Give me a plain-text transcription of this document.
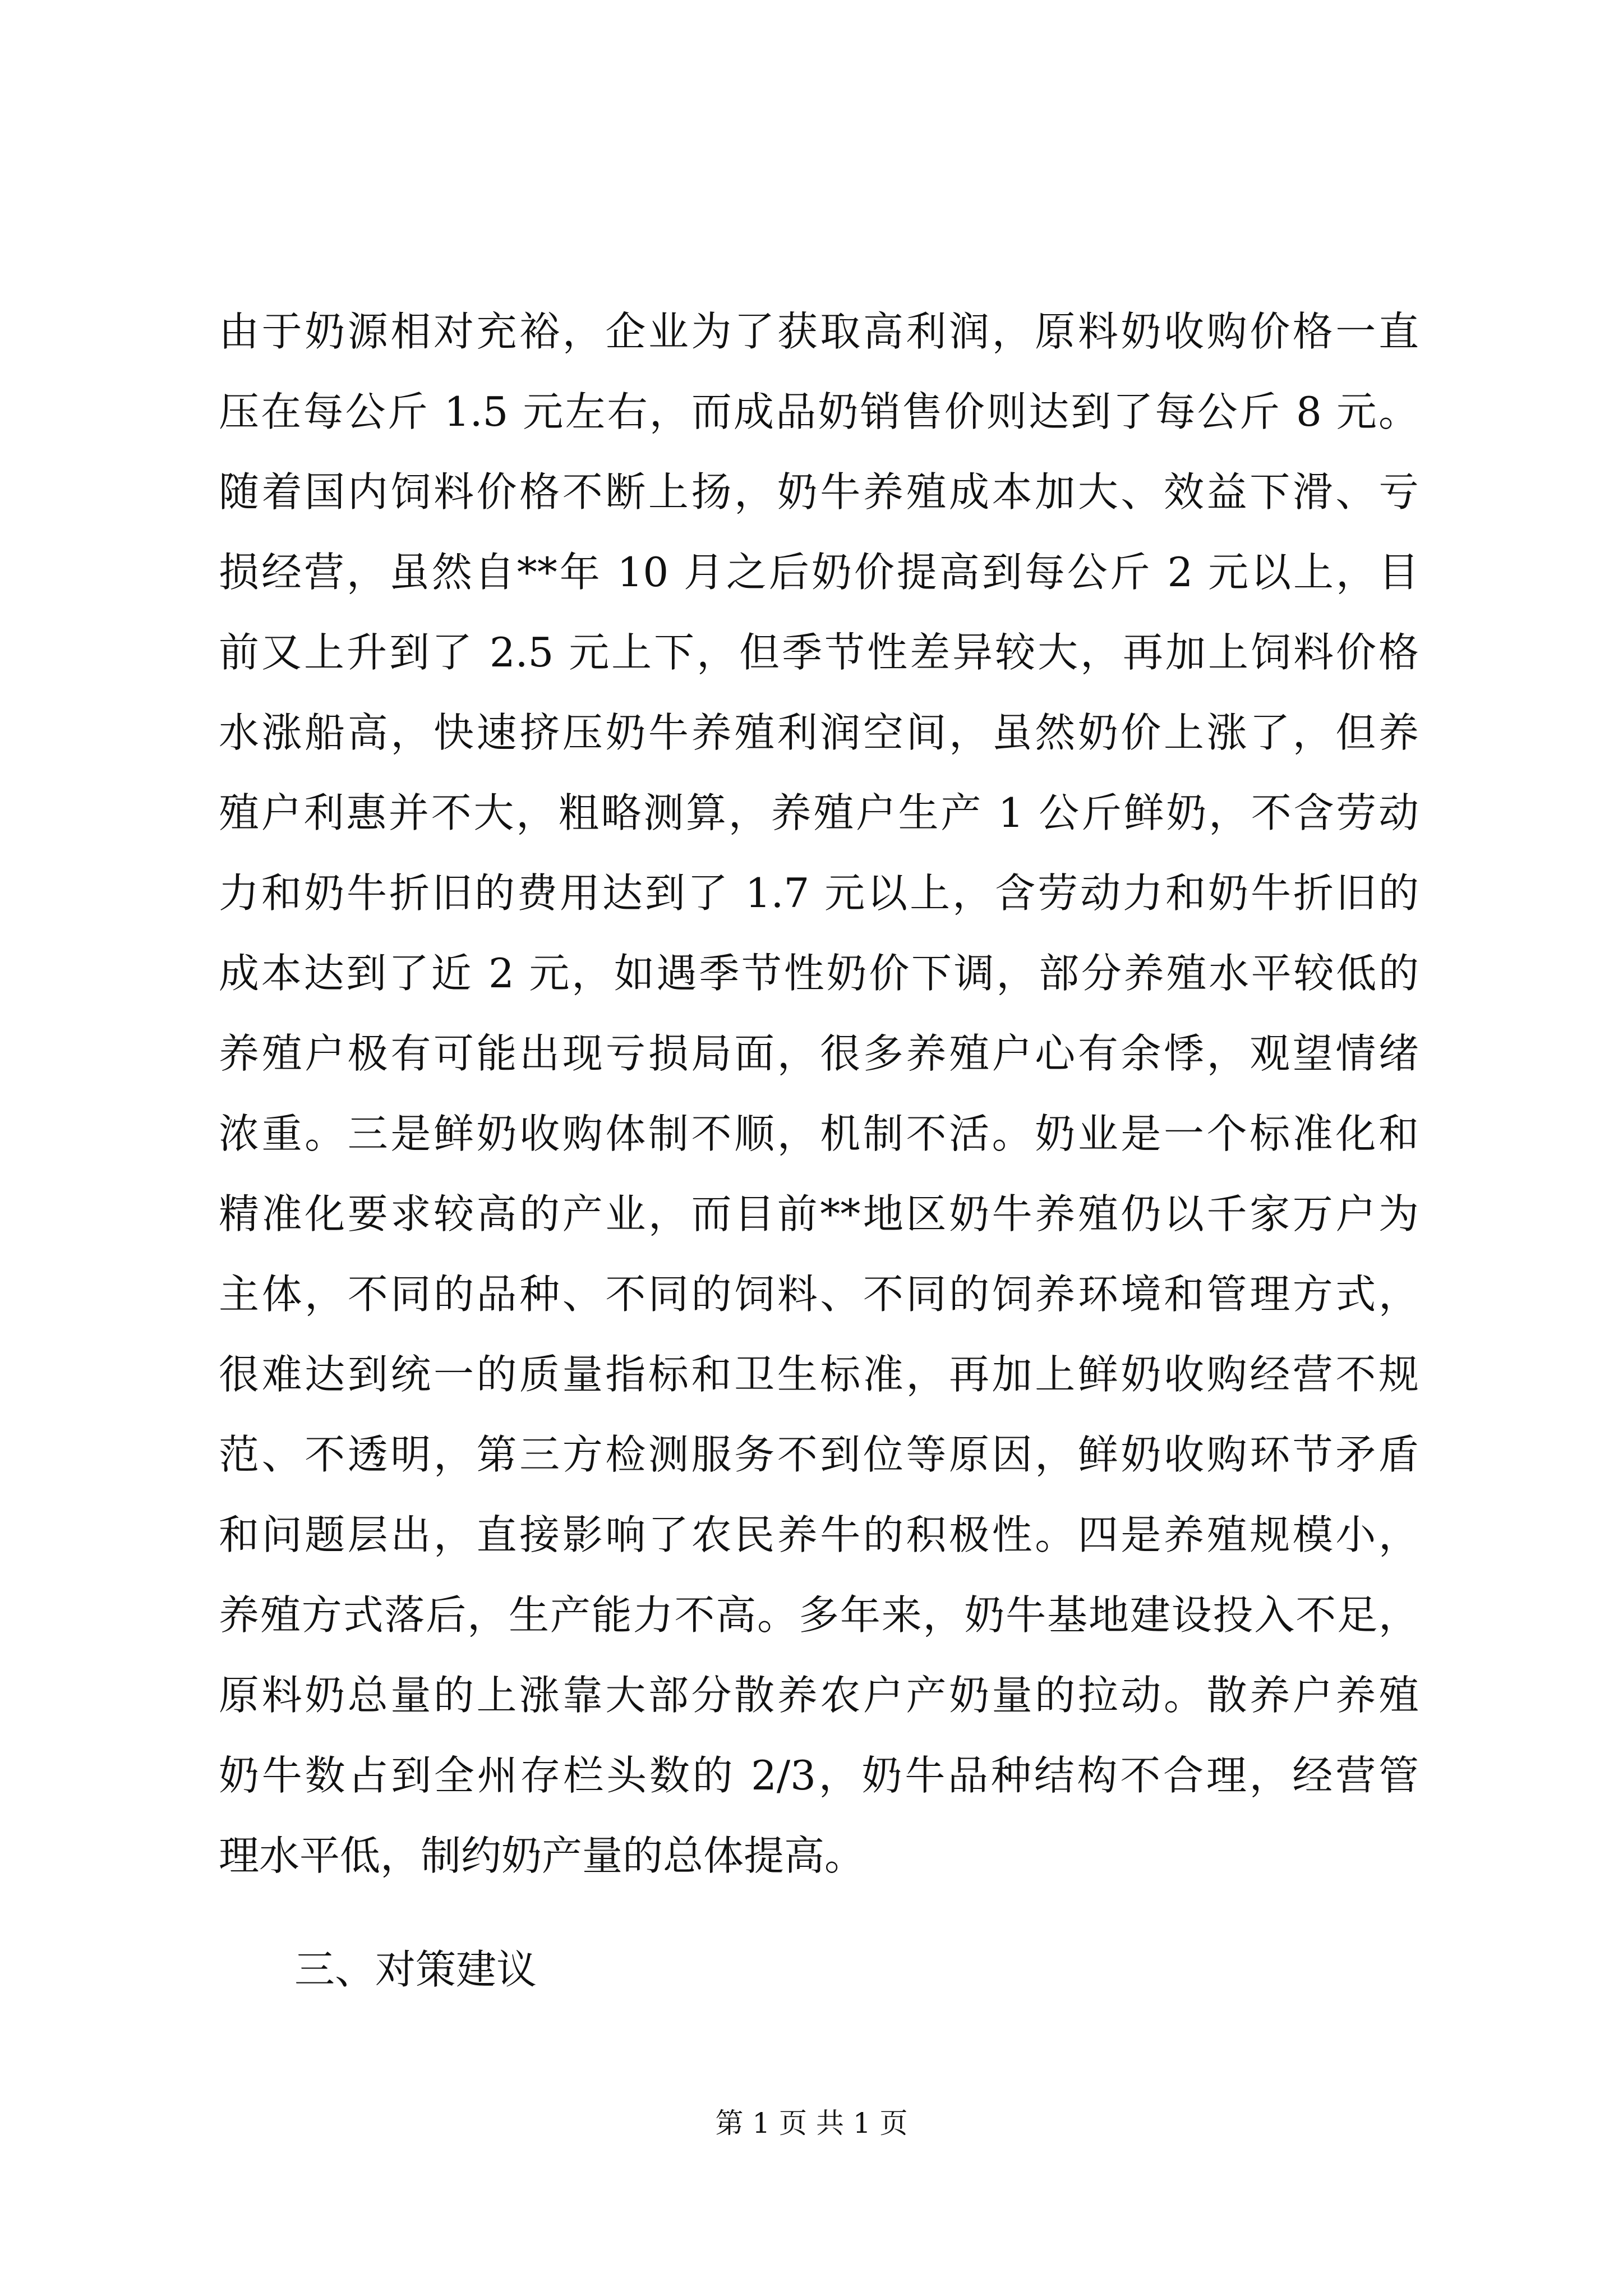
由于奶源相对充裕，企业为了获取高利润，原料奶收购价格一直
压在每公斤 1.5 元左右，而成品奶销售价则达到了每公斤 8 元。
随着国内饲料价格不断上扬，奶牛养殖成本加大、效益下滑、亏
损经营，虽然自**年 10 月之后奶价提高到每公斤 2 元以上，目
前又上升到了 2.5 元上下，但季节性差异较大，再加上饲料价格
水涨船高，快速挤压奶牛养殖利润空间，虽然奶价上涨了，但养
殖户利惠并不大，粗略测算，养殖户生产 1 公斤鲜奶，不含劳动
力和奶牛折旧的费用达到了 1.7 元以上，含劳动力和奶牛折旧的
成本达到了近 2 元，如遇季节性奶价下调，部分养殖水平较低的
养殖户极有可能出现亏损局面，很多养殖户心有余悸，观望情绪
浓重。三是鲜奶收购体制不顺，机制不活。奶业是一个标准化和
精准化要求较高的产业，而目前**地区奶牛养殖仍以千家万户为
主体，不同的品种、不同的饲料、不同的饲养环境和管理方式，
很难达到统一的质量指标和卫生标准，再加上鲜奶收购经营不规
范、不透明，第三方检测服务不到位等原因，鲜奶收购环节矛盾
和问题层出，直接影响了农民养牛的积极性。四是养殖规模小，
养殖方式落后，生产能力不高。多年来，奶牛基地建设投入不足，
原料奶总量的上涨靠大部分散养农户产奶量的拉动。散养户养殖
奶牛数占到全州存栏头数的 2/3，奶牛品种结构不合理，经营管
理水平低，制约奶产量的总体提高。
三、对策建议
第 1 页 共 1 页
